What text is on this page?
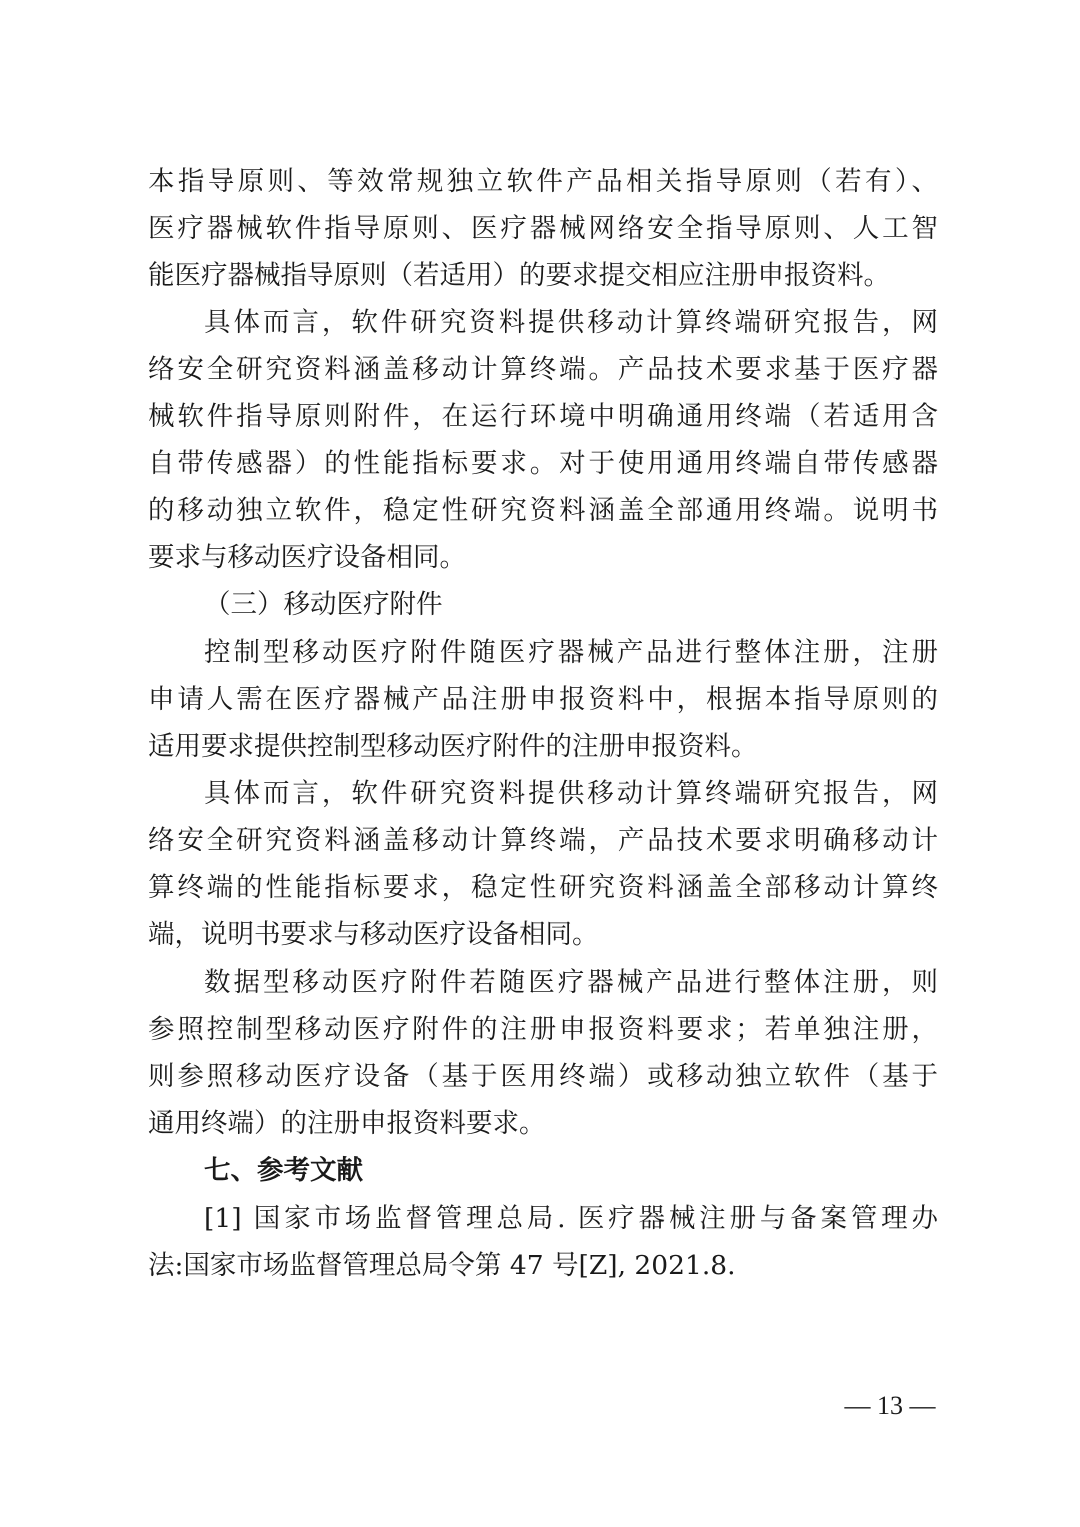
本指导原则、等效常规独立软件产品相关指导原则（若有）、
医疗器械软件指导原则、医疗器械网络安全指导原则、人工智
能医疗器械指导原则（若适用）的要求提交相应注册申报资料。
具体而言，软件研究资料提供移动计算终端研究报告，网
络安全研究资料涵盖移动计算终端。产品技术要求基于医疗器
械软件指导原则附件，在运行环境中明确通用终端（若适用含
自带传感器）的性能指标要求。对于使用通用终端自带传感器
的移动独立软件，稳定性研究资料涵盖全部通用终端。说明书
要求与移动医疗设备相同。
（三）移动医疗附件
控制型移动医疗附件随医疗器械产品进行整体注册，注册
申请人需在医疗器械产品注册申报资料中，根据本指导原则的
适用要求提供控制型移动医疗附件的注册申报资料。
具体而言，软件研究资料提供移动计算终端研究报告，网
络安全研究资料涵盖移动计算终端，产品技术要求明确移动计
算终端的性能指标要求，稳定性研究资料涵盖全部移动计算终
端，说明书要求与移动医疗设备相同。
数据型移动医疗附件若随医疗器械产品进行整体注册，则
参照控制型移动医疗附件的注册申报资料要求；若单独注册，
则参照移动医疗设备（基于医用终端）或移动独立软件（基于
通用终端）的注册申报资料要求。
七、参考文献
[1] 国家市场监督管理总局. 医疗器械注册与备案管理办
法:国家市场监督管理总局令第 47 号[Z], 2021.8.
— 13 —
